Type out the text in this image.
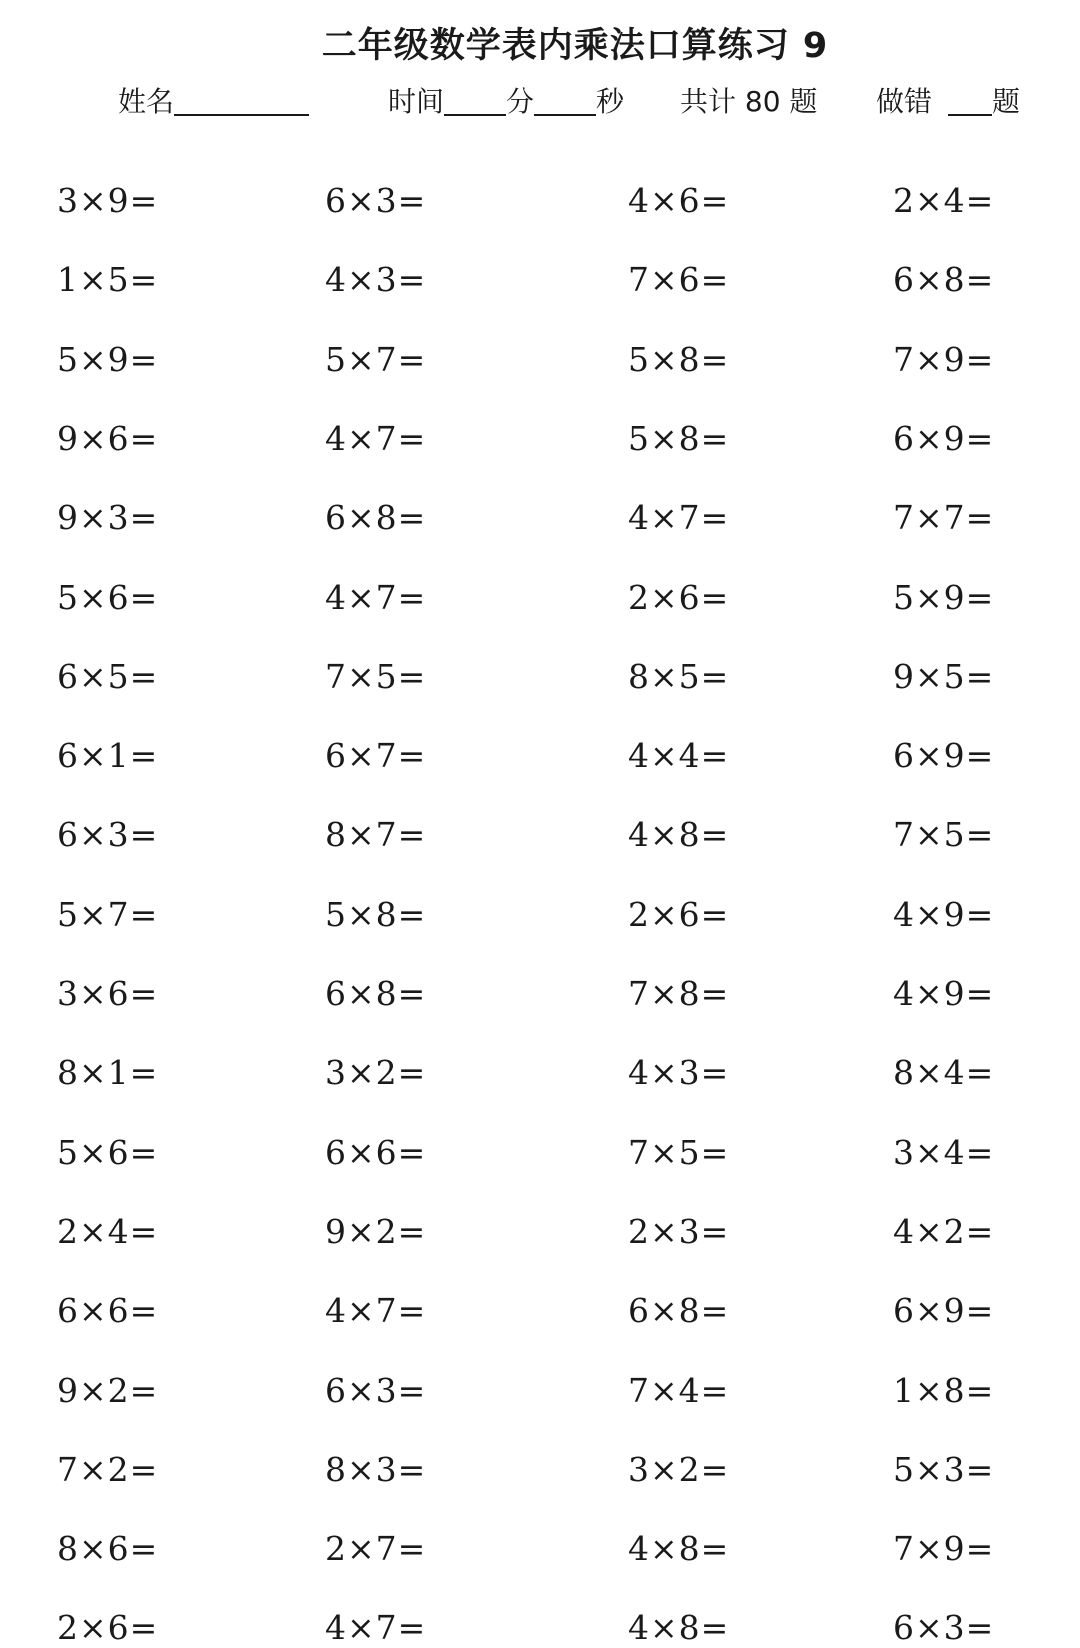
二年级数学表内乘法口算练习 9
姓名	时间 分 秒 共计 80 题 做错 题
3×9=	6×3=	4×6=	2×4=
1×5=	4×3=	7×6=	6×8=
5×9=	5×7=	5×8=	7×9=
9×6=	4×7=	5×8=	6×9=
9×3=	6×8=	4×7=	7×7=
5×6=	4×7=	2×6=	5×9=
6×5=	7×5=	8×5=	9×5=
6×1=	6×7=	4×4=	6×9=
6×3=	8×7=	4×8=	7×5=
5×7=	5×8=	2×6=	4×9=
3×6=	6×8=	7×8=	4×9=
8×1=	3×2=	4×3=	8×4=
5×6=	6×6=	7×5=	3×4=
2×4=	9×2=	2×3=	4×2=
6×6=	4×7=	6×8=	6×9=
9×2=	6×3=	7×4=	1×8=
7×2=	8×3=	3×2=	5×3=
8×6=	2×7=	4×8=	7×9=
2×6=	4×7=	4×8=	6×3=
